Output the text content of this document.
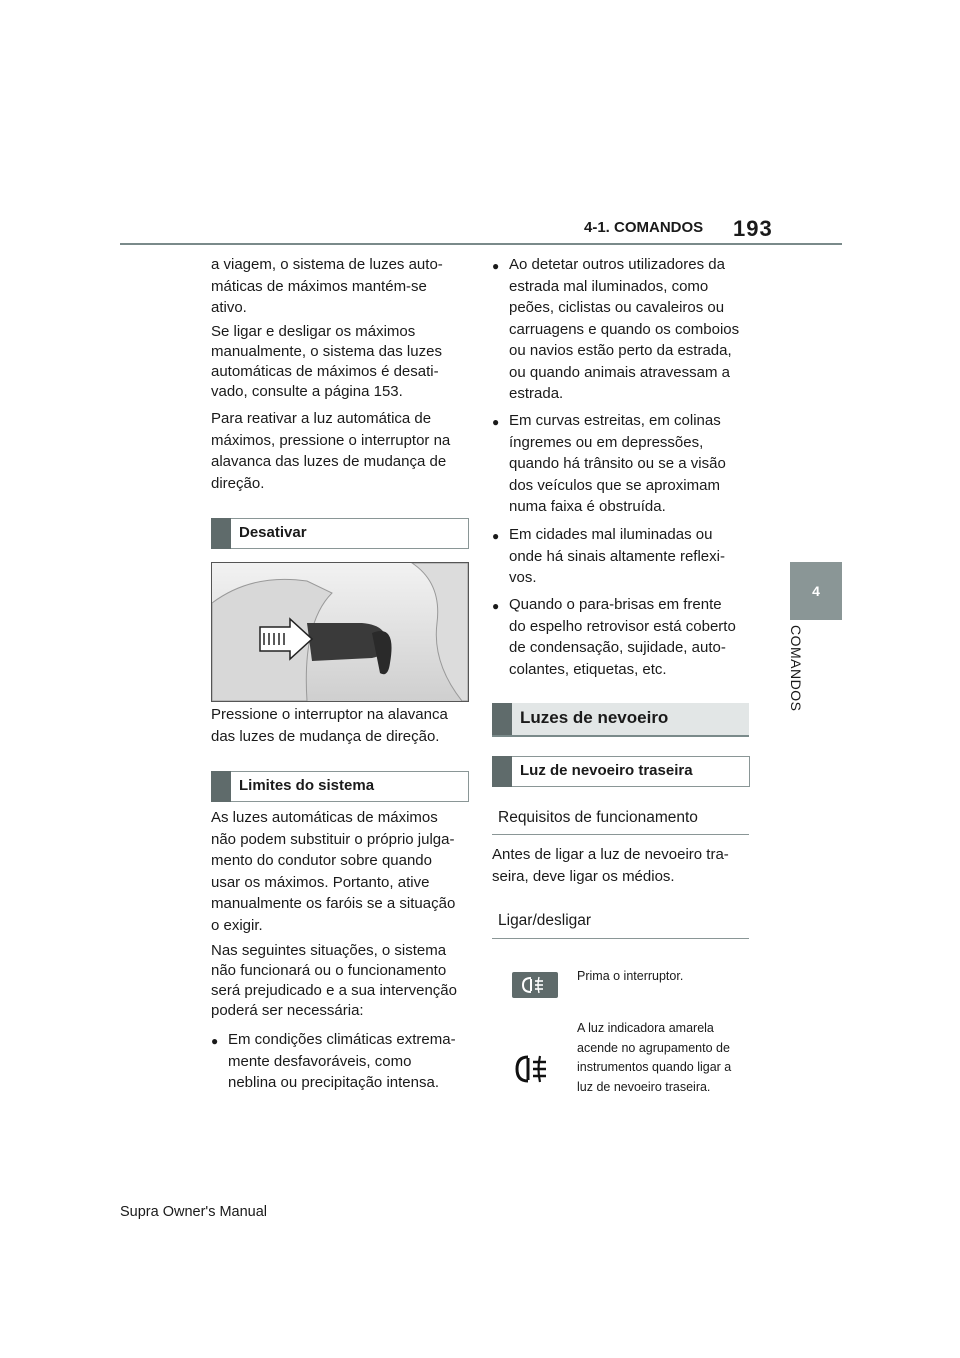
4-1. COMANDOS 193
4
COMANDOS
a viagem, o sistema de luzes auto-
máticas de máximos mantém-se
ativo.
Se ligar e desligar os máximos
manualmente, o sistema das luzes
automáticas de máximos é desati-
vado, consulte a página 153.
Para reativar a luz automática de
máximos, pressione o interruptor na
alavanca das luzes de mudança de
direção.
Desativar
Pressione o interruptor na alavanca
das luzes de mudança de direção.
Limites do sistema
As luzes automáticas de máximos
não podem substituir o próprio julga-
mento do condutor sobre quando
usar os máximos. Portanto, ative
manualmente os faróis se a situação
o exigir.
Nas seguintes situações, o sistema
não funcionará ou o funcionamento
será prejudicado e a sua intervenção
poderá ser necessária:
● Em condições climáticas extrema-
mente desfavoráveis, como
neblina ou precipitação intensa.
● Ao detetar outros utilizadores da
estrada mal iluminados, como
peões, ciclistas ou cavaleiros ou
carruagens e quando os comboios
ou navios estão perto da estrada,
ou quando animais atravessam a
estrada.
● Em curvas estreitas, em colinas
íngremes ou em depressões,
quando há trânsito ou se a visão
dos veículos que se aproximam
numa faixa é obstruída.
● Em cidades mal iluminadas ou
onde há sinais altamente reflexi-
vos.
● Quando o para-brisas em frente
do espelho retrovisor está coberto
de condensação, sujidade, auto-
colantes, etiquetas, etc.
Luzes de nevoeiro
Luz de nevoeiro traseira
Requisitos de funcionamento
Antes de ligar a luz de nevoeiro tra-
seira, deve ligar os médios.
Ligar/desligar
Prima o interruptor.
A luz indicadora amarela
acende no agrupamento de
instrumentos quando ligar a
luz de nevoeiro traseira.
Supra Owner's Manual
